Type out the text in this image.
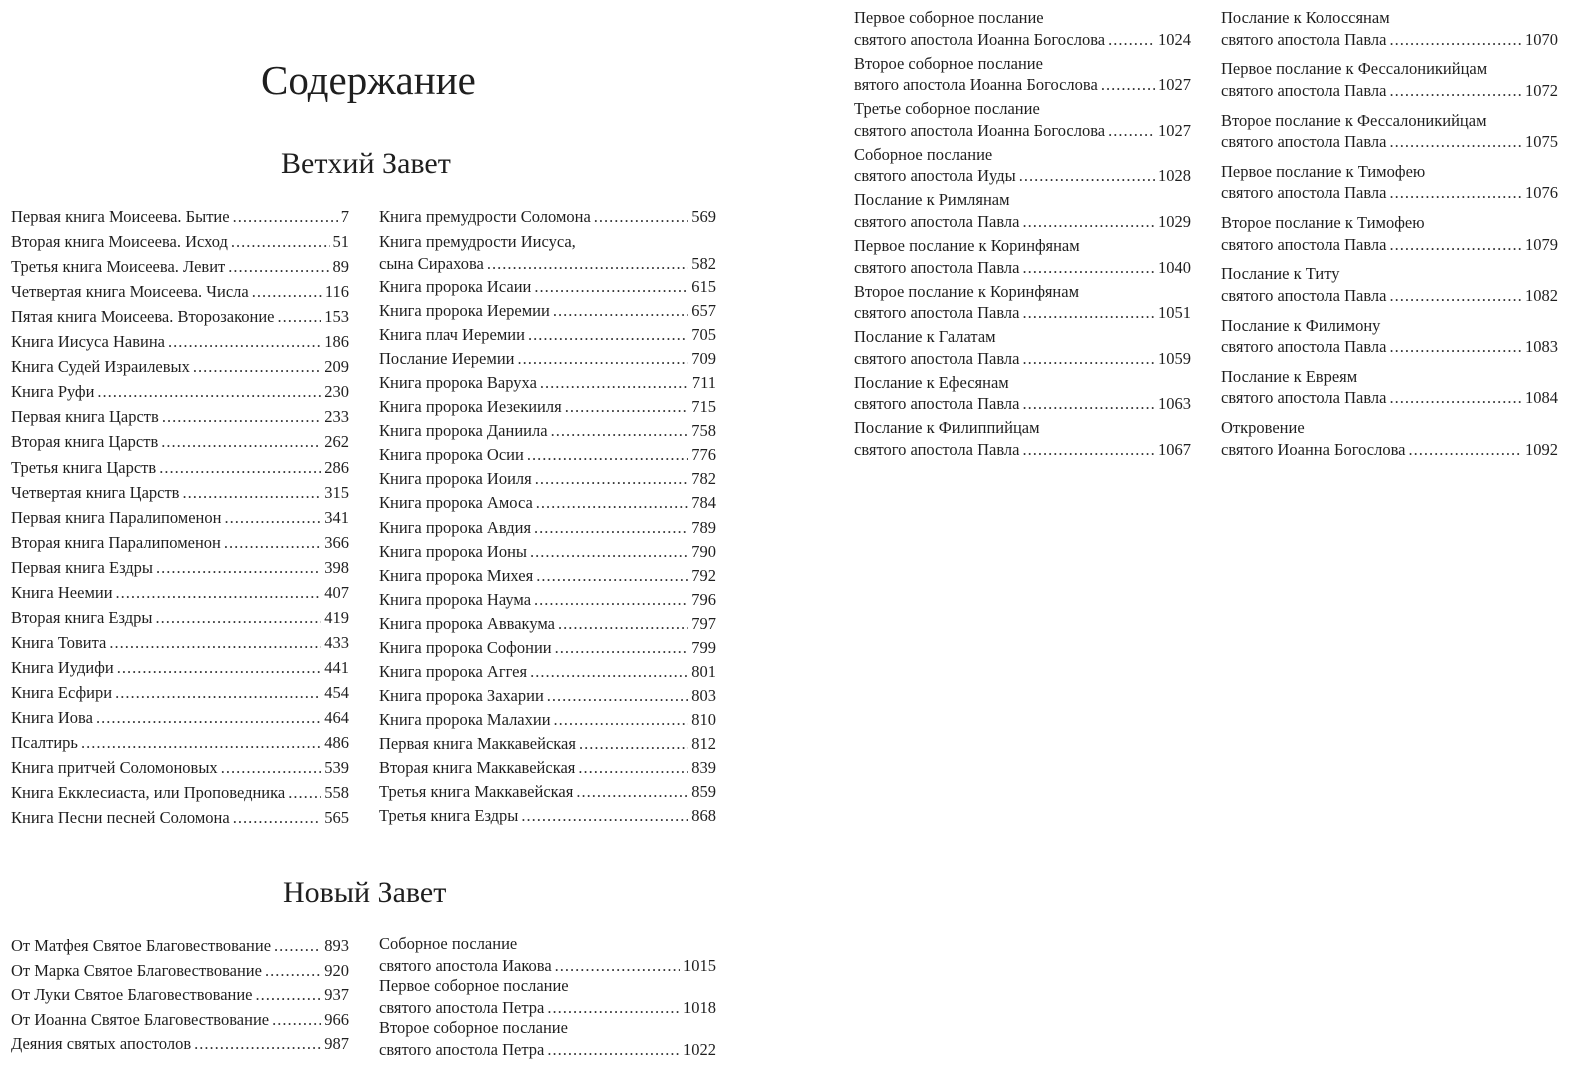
Содержание
Ветхий Завет
Новый Завет
Первая книга Моисеева. Бытие .....	7
Вторая книга Моисеева. Исход .....	51
Третья книга Моисеева. Левит .....	89
Четвертая книга Моисеева. Числа .....	116
Пятая книга Моисеева. Второзаконие .....	153
Книга Иисуса Навина .....	186
Книга Судей Израилевых .....	209
Книга Руфи .....	230
Первая книга Царств .....	233
Вторая книга Царств .....	262
Третья книга Царств .....	286
Четвертая книга Царств .....	315
Первая книга Паралипоменон .....	341
Вторая книга Паралипоменон .....	366
Первая книга Ездры .....	398
Книга Неемии .....	407
Вторая книга Ездры .....	419
Книга Товита .....	433
Книга Иудифи .....	441
Книга Есфири .....	454
Книга Иова .....	464
Псалтирь .....	486
Книга притчей Соломоновых .....	539
Книга Екклесиаста, или Проповедника ..... 558
Книга Песни песней Соломона .....	565
Книга премудрости Соломона .....	569
Книга премудрости Иисуса,
сына Сирахова .....	582
Книга пророка Исаии .....	615
Книга пророка Иеремии .....	657
Книга плач Иеремии .....	705
Послание Иеремии .....	709
Книга пророка Варуха .....	711
Книга пророка Иезекииля .....	715
Книга пророка Даниила .....	758
Книга пророка Осии .....	776
Книга пророка Иоиля .....	782
Книга пророка Амоса .....	784
Книга пророка Авдия .....	789
Книга пророка Ионы .....	790
Книга пророка Михея .....	792
Книга пророка Наума .....	796
Книга пророка Аввакума .....	797
Книга пророка Софонии .....	799
Книга пророка Аггея .....	801
Книга пророка Захарии .....	803
Книга пророка Малахии .....	810
Первая книга Маккавейская .....	812
Вторая книга Маккавейская .....	839
Третья книга Маккавейская .....	859
Третья книга Ездры .....	868
От Матфея Святое Благовествование .....	893
От Марка Святое Благовествование .....	920
От Луки Святое Благовествование .....	937
От Иоанна Святое Благовествование .....	966
Деяния святых апостолов .....	987
Соборное послание
святого апостола Иакова .....	1015
Первое соборное послание
святого апостола Петра .....	1018
Второе соборное послание
святого апостола Петра .....	1022
Первое соборное послание
святого апостола Иоанна Богослова .....	1024
Второе соборное послание
вятого апостола Иоанна Богослова .....	1027
Третье соборное послание
святого апостола Иоанна Богослова .....	1027
Соборное послание
святого апостола Иуды .....	1028
Послание к Римлянам
святого апостола Павла .....	1029
Первое послание к Коринфянам
святого апостола Павла .....	1040
Второе послание к Коринфянам
святого апостола Павла .....	1051
Послание к Галатам
святого апостола Павла .....	1059
Послание к Ефесянам
святого апостола Павла .....	1063
Послание к Филиппийцам
святого апостола Павла .....	1067
Послание к Колоссянам
святого апостола Павла .....	1070
Первое послание к Фессалоникийцам
святого апостола Павла .....	1072
Второе послание к Фессалоникийцам
святого апостола Павла .....	1075
Первое послание к Тимофею
святого апостола Павла .....	1076
Второе послание к Тимофею
святого апостола Павла .....	1079
Послание к Титу
святого апостола Павла .....	1082
Послание к Филимону
святого апостола Павла .....	1083
Послание к Евреям
святого апостола Павла .....	1084
Откровение
святого Иоанна Богослова .....	1092
